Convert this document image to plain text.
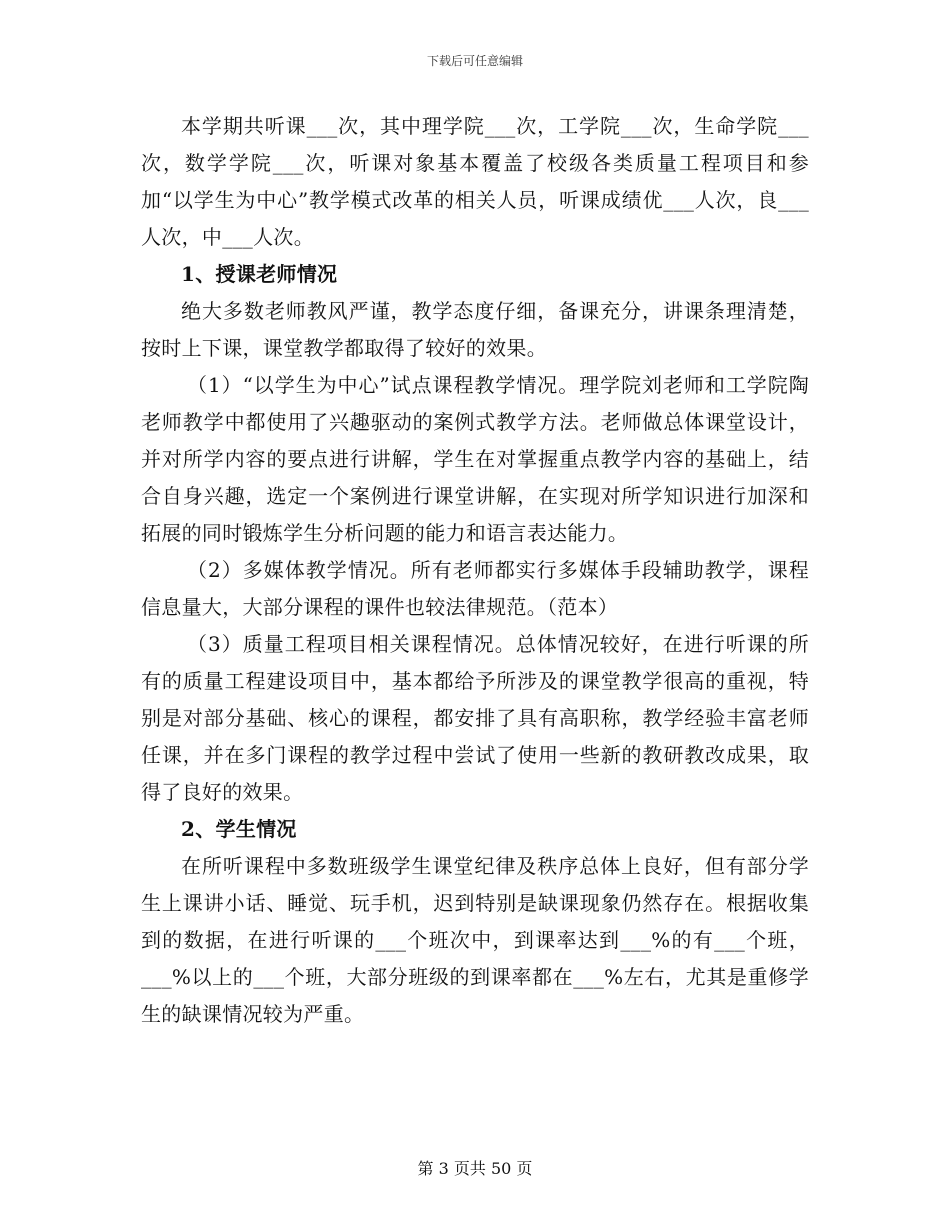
下载后可任意编辑

本学期共听课___次，其中理学院___次，工学院___次，生命学院___次，数学学院___次，听课对象基本覆盖了校级各类质量工程项目和参加“以学生为中心”教学模式改革的相关人员，听课成绩优___人次，良___人次，中___人次。

1、授课老师情况

绝大多数老师教风严谨，教学态度仔细，备课充分，讲课条理清楚，按时上下课，课堂教学都取得了较好的效果。

（1）“以学生为中心”试点课程教学情况。理学院刘老师和工学院陶老师教学中都使用了兴趣驱动的案例式教学方法。老师做总体课堂设计，并对所学内容的要点进行讲解，学生在对掌握重点教学内容的基础上，结合自身兴趣，选定一个案例进行课堂讲解，在实现对所学知识进行加深和拓展的同时锻炼学生分析问题的能力和语言表达能力。

（2）多媒体教学情况。所有老师都实行多媒体手段辅助教学，课程信息量大，大部分课程的课件也较法律规范。（范本）

（3）质量工程项目相关课程情况。总体情况较好，在进行听课的所有的质量工程建设项目中，基本都给予所涉及的课堂教学很高的重视，特别是对部分基础、核心的课程，都安排了具有高职称，教学经验丰富老师任课，并在多门课程的教学过程中尝试了使用一些新的教研教改成果，取得了良好的效果。

2、学生情况

在所听课程中多数班级学生课堂纪律及秩序总体上良好，但有部分学生上课讲小话、睡觉、玩手机，迟到特别是缺课现象仍然存在。根据收集到的数据，在进行听课的___个班次中，到课率达到___%的有___个班，___%以上的___个班，大部分班级的到课率都在___%左右，尤其是重修学生的缺课情况较为严重。

第 3 页共 50 页
